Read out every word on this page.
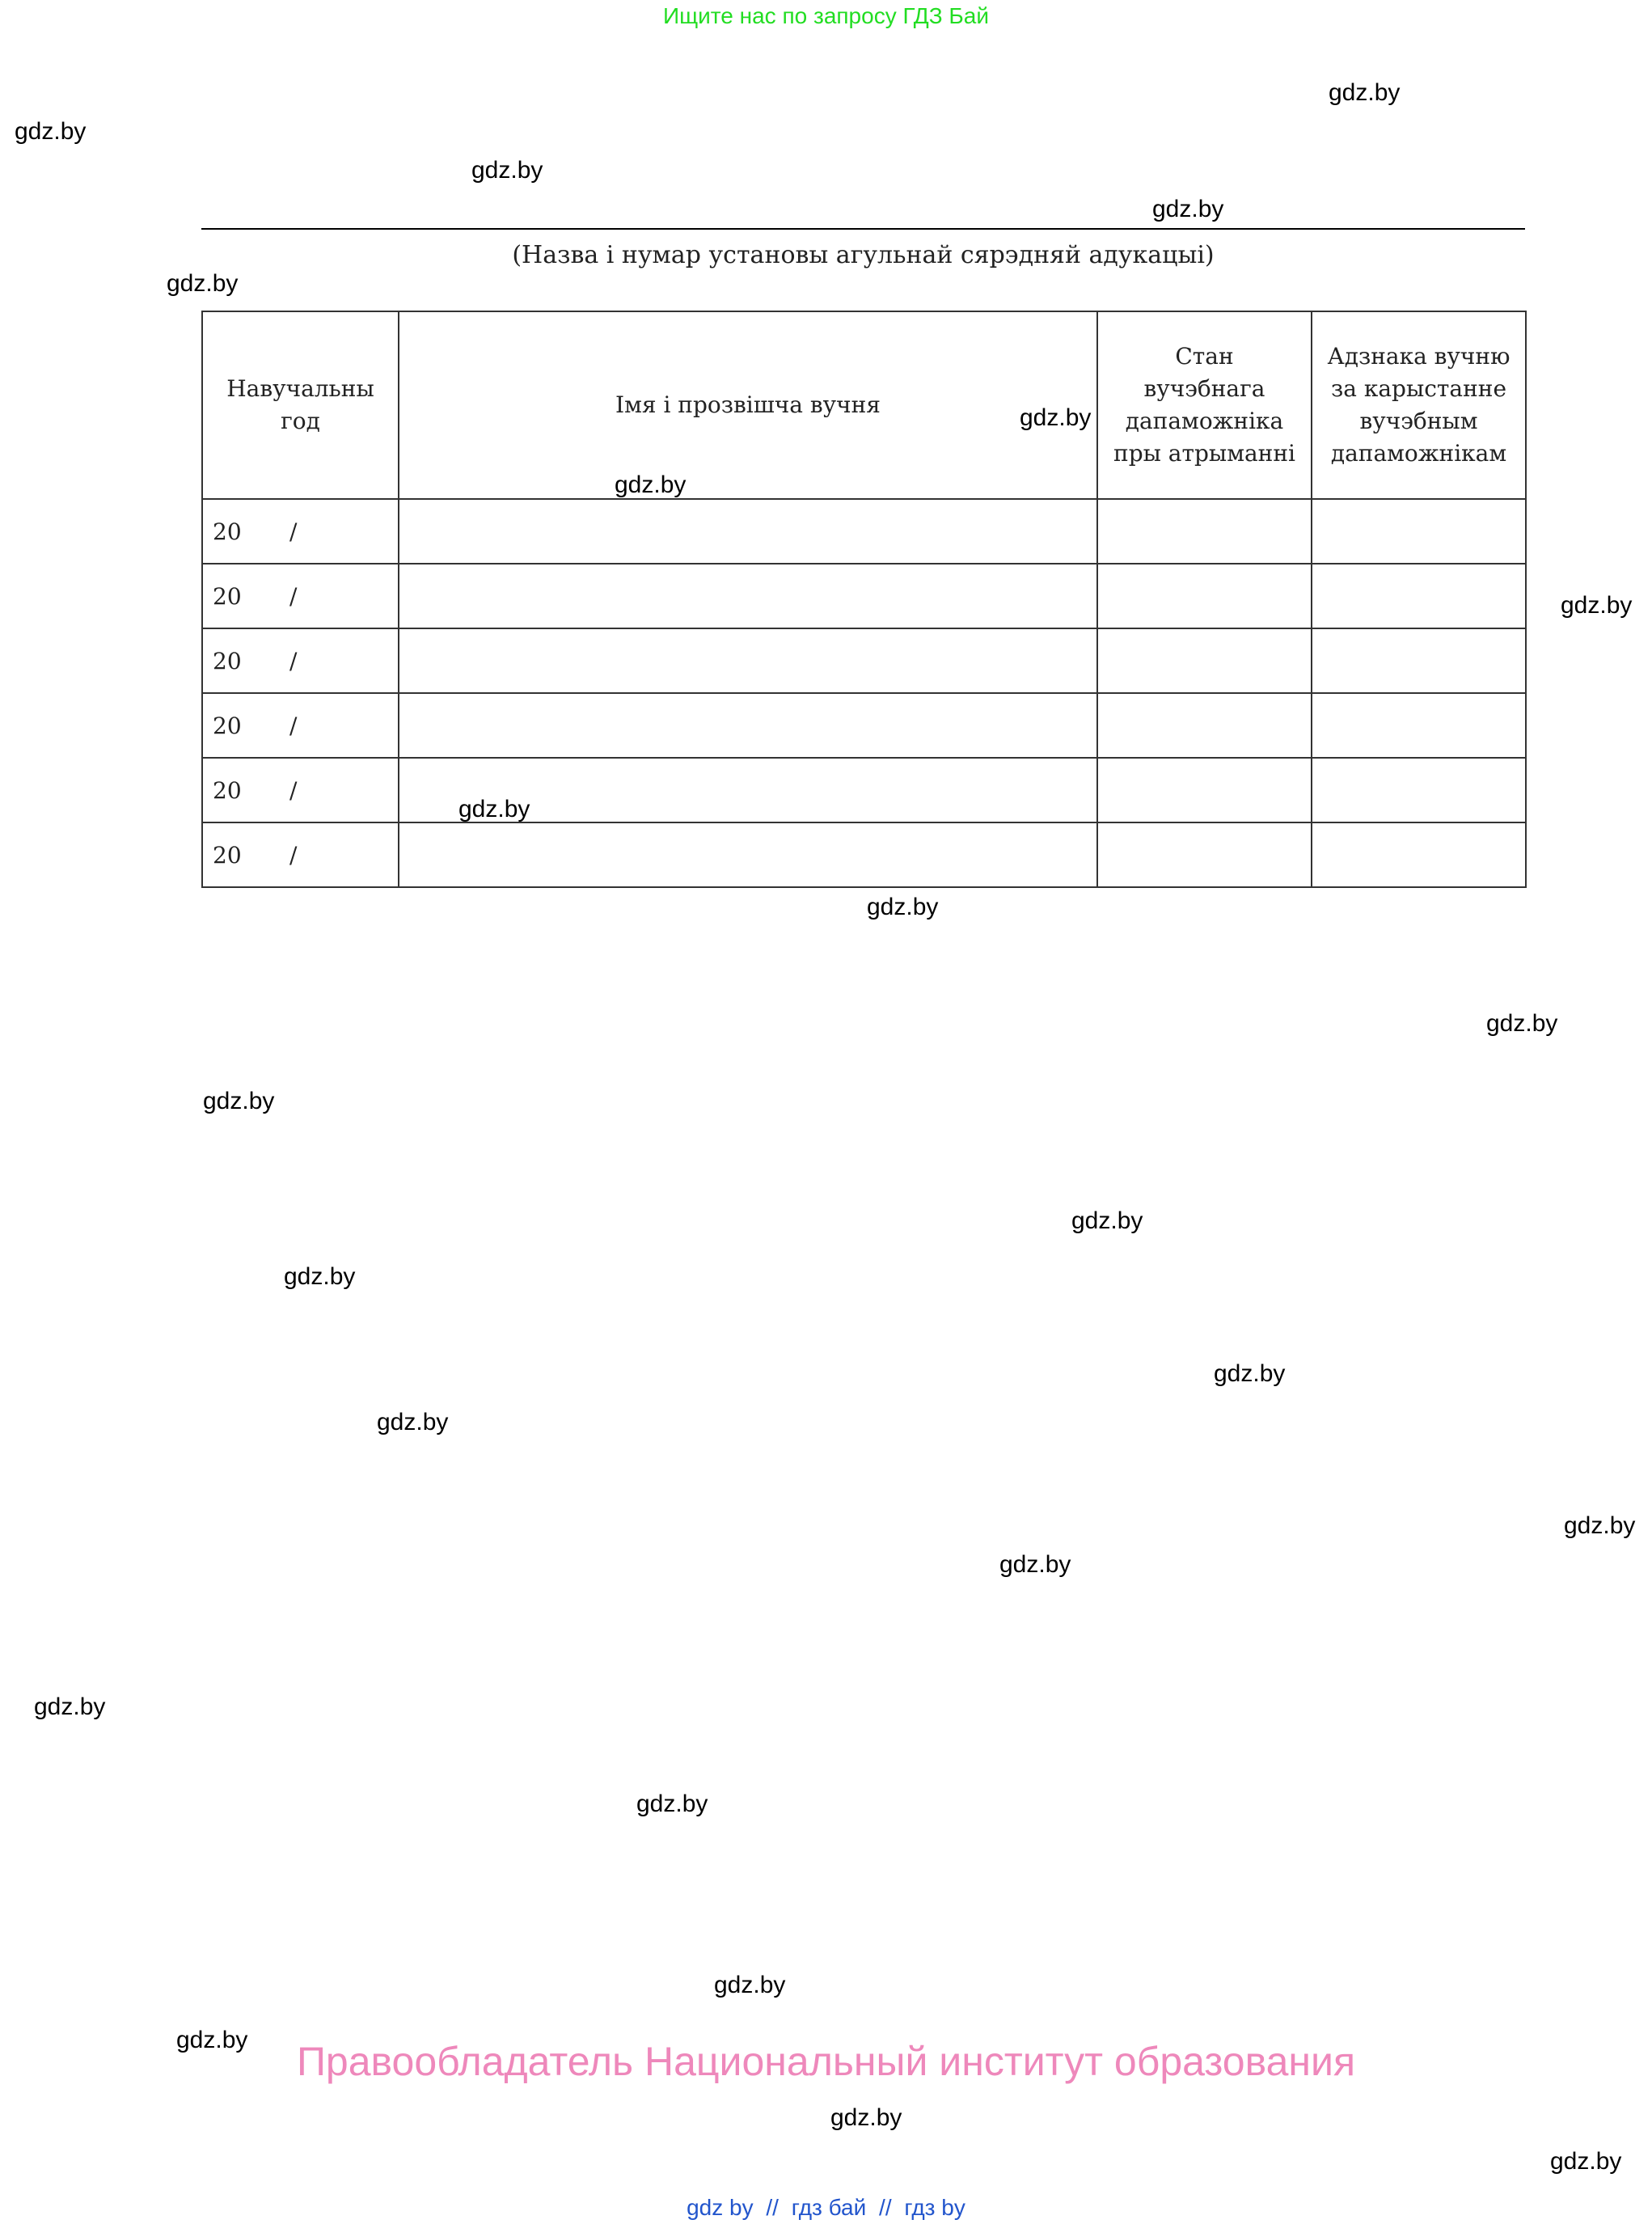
Ищите нас по запросу ГДЗ Бай
gdz.by
gdz.by
gdz.by
gdz.by
gdz.by
gdz.by
gdz.by
gdz.by
gdz.by
gdz.by
gdz.by
gdz.by
gdz.by
gdz.by
gdz.by
gdz.by
gdz.by
gdz.by
gdz.by
gdz.by
gdz.by
(Назва і нумар установы агульнай сярэдняй адукацыі)
Навучальны год	Імя і прозвішча вучня	Стан вучэбнага дапаможніка пры атрыманні	Адзнака вучню за карыстанне вучэбным дапаможнікам
20 /			
20 /			
20 /			
20 /			
20 /			
20 /			
gdz.by
gdz.by
gdz.by
Правообладатель Национальный институт образования
gdz by // гдз бай // гдз by
